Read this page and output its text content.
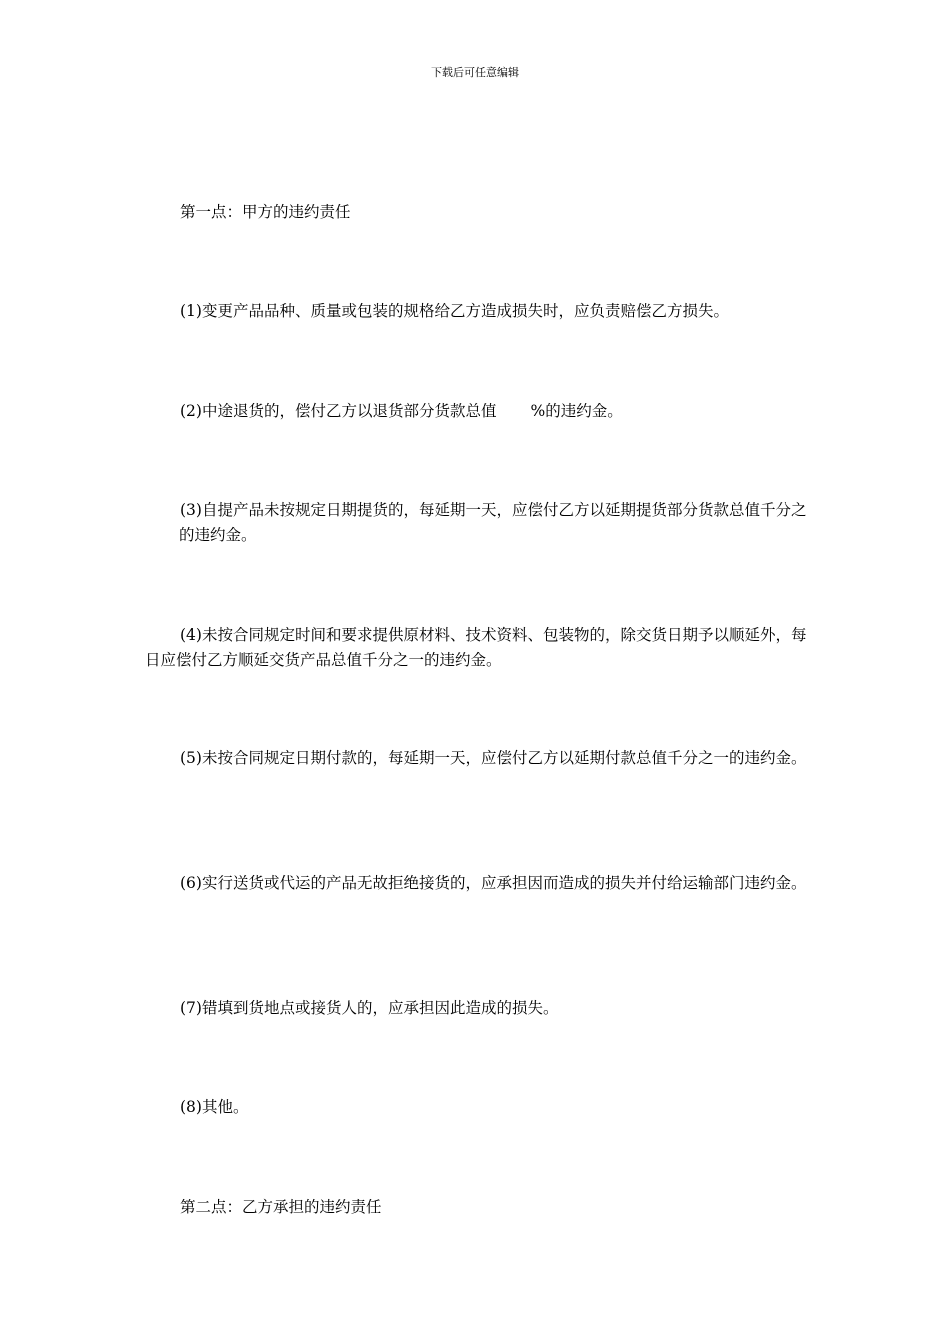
下载后可任意编辑

第一点：甲方的违约责任

(1)变更产品品种、质量或包装的规格给乙方造成损失时，应负责赔偿乙方损失。

(2)中途退货的，偿付乙方以退货部分货款总值 %的违约金。

(3)自提产品未按规定日期提货的，每延期一天，应偿付乙方以延期提货部分货款总值千分之的违约金。

(4)未按合同规定时间和要求提供原材料、技术资料、包装物的，除交货日期予以顺延外，每日应偿付乙方顺延交货产品总值千分之一的违约金。

(5)未按合同规定日期付款的，每延期一天，应偿付乙方以延期付款总值千分之一的违约金。

(6)实行送货或代运的产品无故拒绝接货的，应承担因而造成的损失并付给运输部门违约金。

(7)错填到货地点或接货人的，应承担因此造成的损失。

(8)其他。

第二点：乙方承担的违约责任
